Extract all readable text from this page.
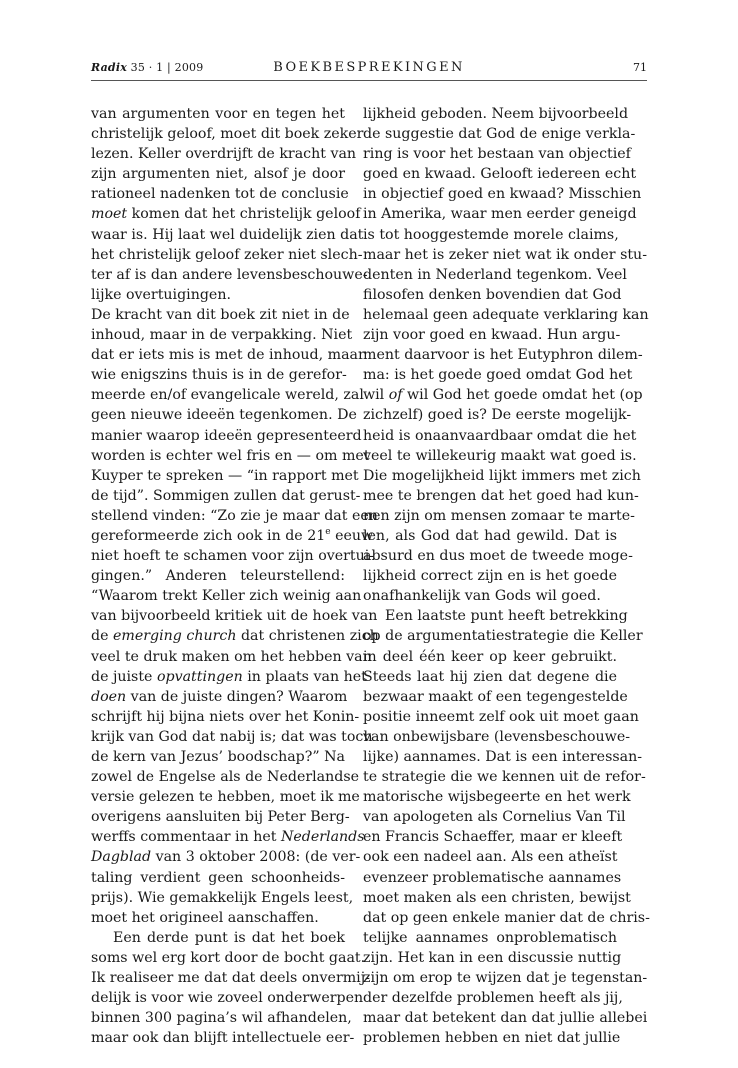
Radix 35 · 1 | 2009	BOEKBESPREKINGEN	71
van argumenten voor en tegen het
christelijk geloof, moet dit boek zeker
lezen. Keller overdrijft de kracht van
zijn argumenten niet, alsof je door
rationeel nadenken tot de conclusie
moet komen dat het christelijk geloof
waar is. Hij laat wel duidelijk zien dat
het christelijk geloof zeker niet slech-
ter af is dan andere levensbeschouwe-
lijke overtuigingen.
De kracht van dit boek zit niet in de
inhoud, maar in de verpakking. Niet
dat er iets mis is met de inhoud, maar
wie enigszins thuis is in de gerefor-
meerde en/of evangelicale wereld, zal
geen nieuwe ideeën tegenkomen. De
manier waarop ideeën gepresenteerd
worden is echter wel fris en — om met
Kuyper te spreken — “in rapport met
de tijd”. Sommigen zullen dat gerust-
stellend vinden: “Zo zie je maar dat een
gereformeerde zich ook in de 21e eeuw
niet hoeft te schamen voor zijn overtui-
gingen.” Anderen teleurstellend:
“Waarom trekt Keller zich weinig aan
van bijvoorbeeld kritiek uit de hoek van
de emerging church dat christenen zich
veel te druk maken om het hebben van
de juiste opvattingen in plaats van het
doen van de juiste dingen? Waarom
schrijft hij bijna niets over het Konin-
krijk van God dat nabij is; dat was toch
de kern van Jezus’ boodschap?” Na
zowel de Engelse als de Nederlandse
versie gelezen te hebben, moet ik me
overigens aansluiten bij Peter Berg-
werffs commentaar in het Nederlands
Dagblad van 3 oktober 2008: (de ver-
taling verdient geen schoonheids-
prijs). Wie gemakkelijk Engels leest,
moet het origineel aanschaffen.
Een derde punt is dat het boek
soms wel erg kort door de bocht gaat.
Ik realiseer me dat dat deels onvermij-
delijk is voor wie zoveel onderwerpen
binnen 300 pagina’s wil afhandelen,
maar ook dan blijft intellectuele eer-
lijkheid geboden. Neem bijvoorbeeld
de suggestie dat God de enige verkla-
ring is voor het bestaan van objectief
goed en kwaad. Gelooft iedereen echt
in objectief goed en kwaad? Misschien
in Amerika, waar men eerder geneigd
is tot hooggestemde morele claims,
maar het is zeker niet wat ik onder stu-
denten in Nederland tegenkom. Veel
filosofen denken bovendien dat God
helemaal geen adequate verklaring kan
zijn voor goed en kwaad. Hun argu-
ment daarvoor is het Eutyphron dilem-
ma: is het goede goed omdat God het
wil of wil God het goede omdat het (op
zichzelf) goed is? De eerste mogelijk-
heid is onaanvaardbaar omdat die het
veel te willekeurig maakt wat goed is.
Die mogelijkheid lijkt immers met zich
mee te brengen dat het goed had kun-
nen zijn om mensen zomaar te marte-
len, als God dat had gewild. Dat is
absurd en dus moet de tweede moge-
lijkheid correct zijn en is het goede
onafhankelijk van Gods wil goed.
Een laatste punt heeft betrekking
op de argumentatiestrategie die Keller
in deel één keer op keer gebruikt.
Steeds laat hij zien dat degene die
bezwaar maakt of een tegengestelde
positie inneemt zelf ook uit moet gaan
van onbewijsbare (levensbeschouwe-
lijke) aannames. Dat is een interessan-
te strategie die we kennen uit de refor-
matorische wijsbegeerte en het werk
van apologeten als Cornelius Van Til
en Francis Schaeffer, maar er kleeft
ook een nadeel aan. Als een atheïst
evenzeer problematische aannames
moet maken als een christen, bewijst
dat op geen enkele manier dat de chris-
telijke aannames onproblematisch
zijn. Het kan in een discussie nuttig
zijn om erop te wijzen dat je tegenstan-
der dezelfde problemen heeft als jij,
maar dat betekent dan dat jullie allebei
problemen hebben en niet dat jullie
